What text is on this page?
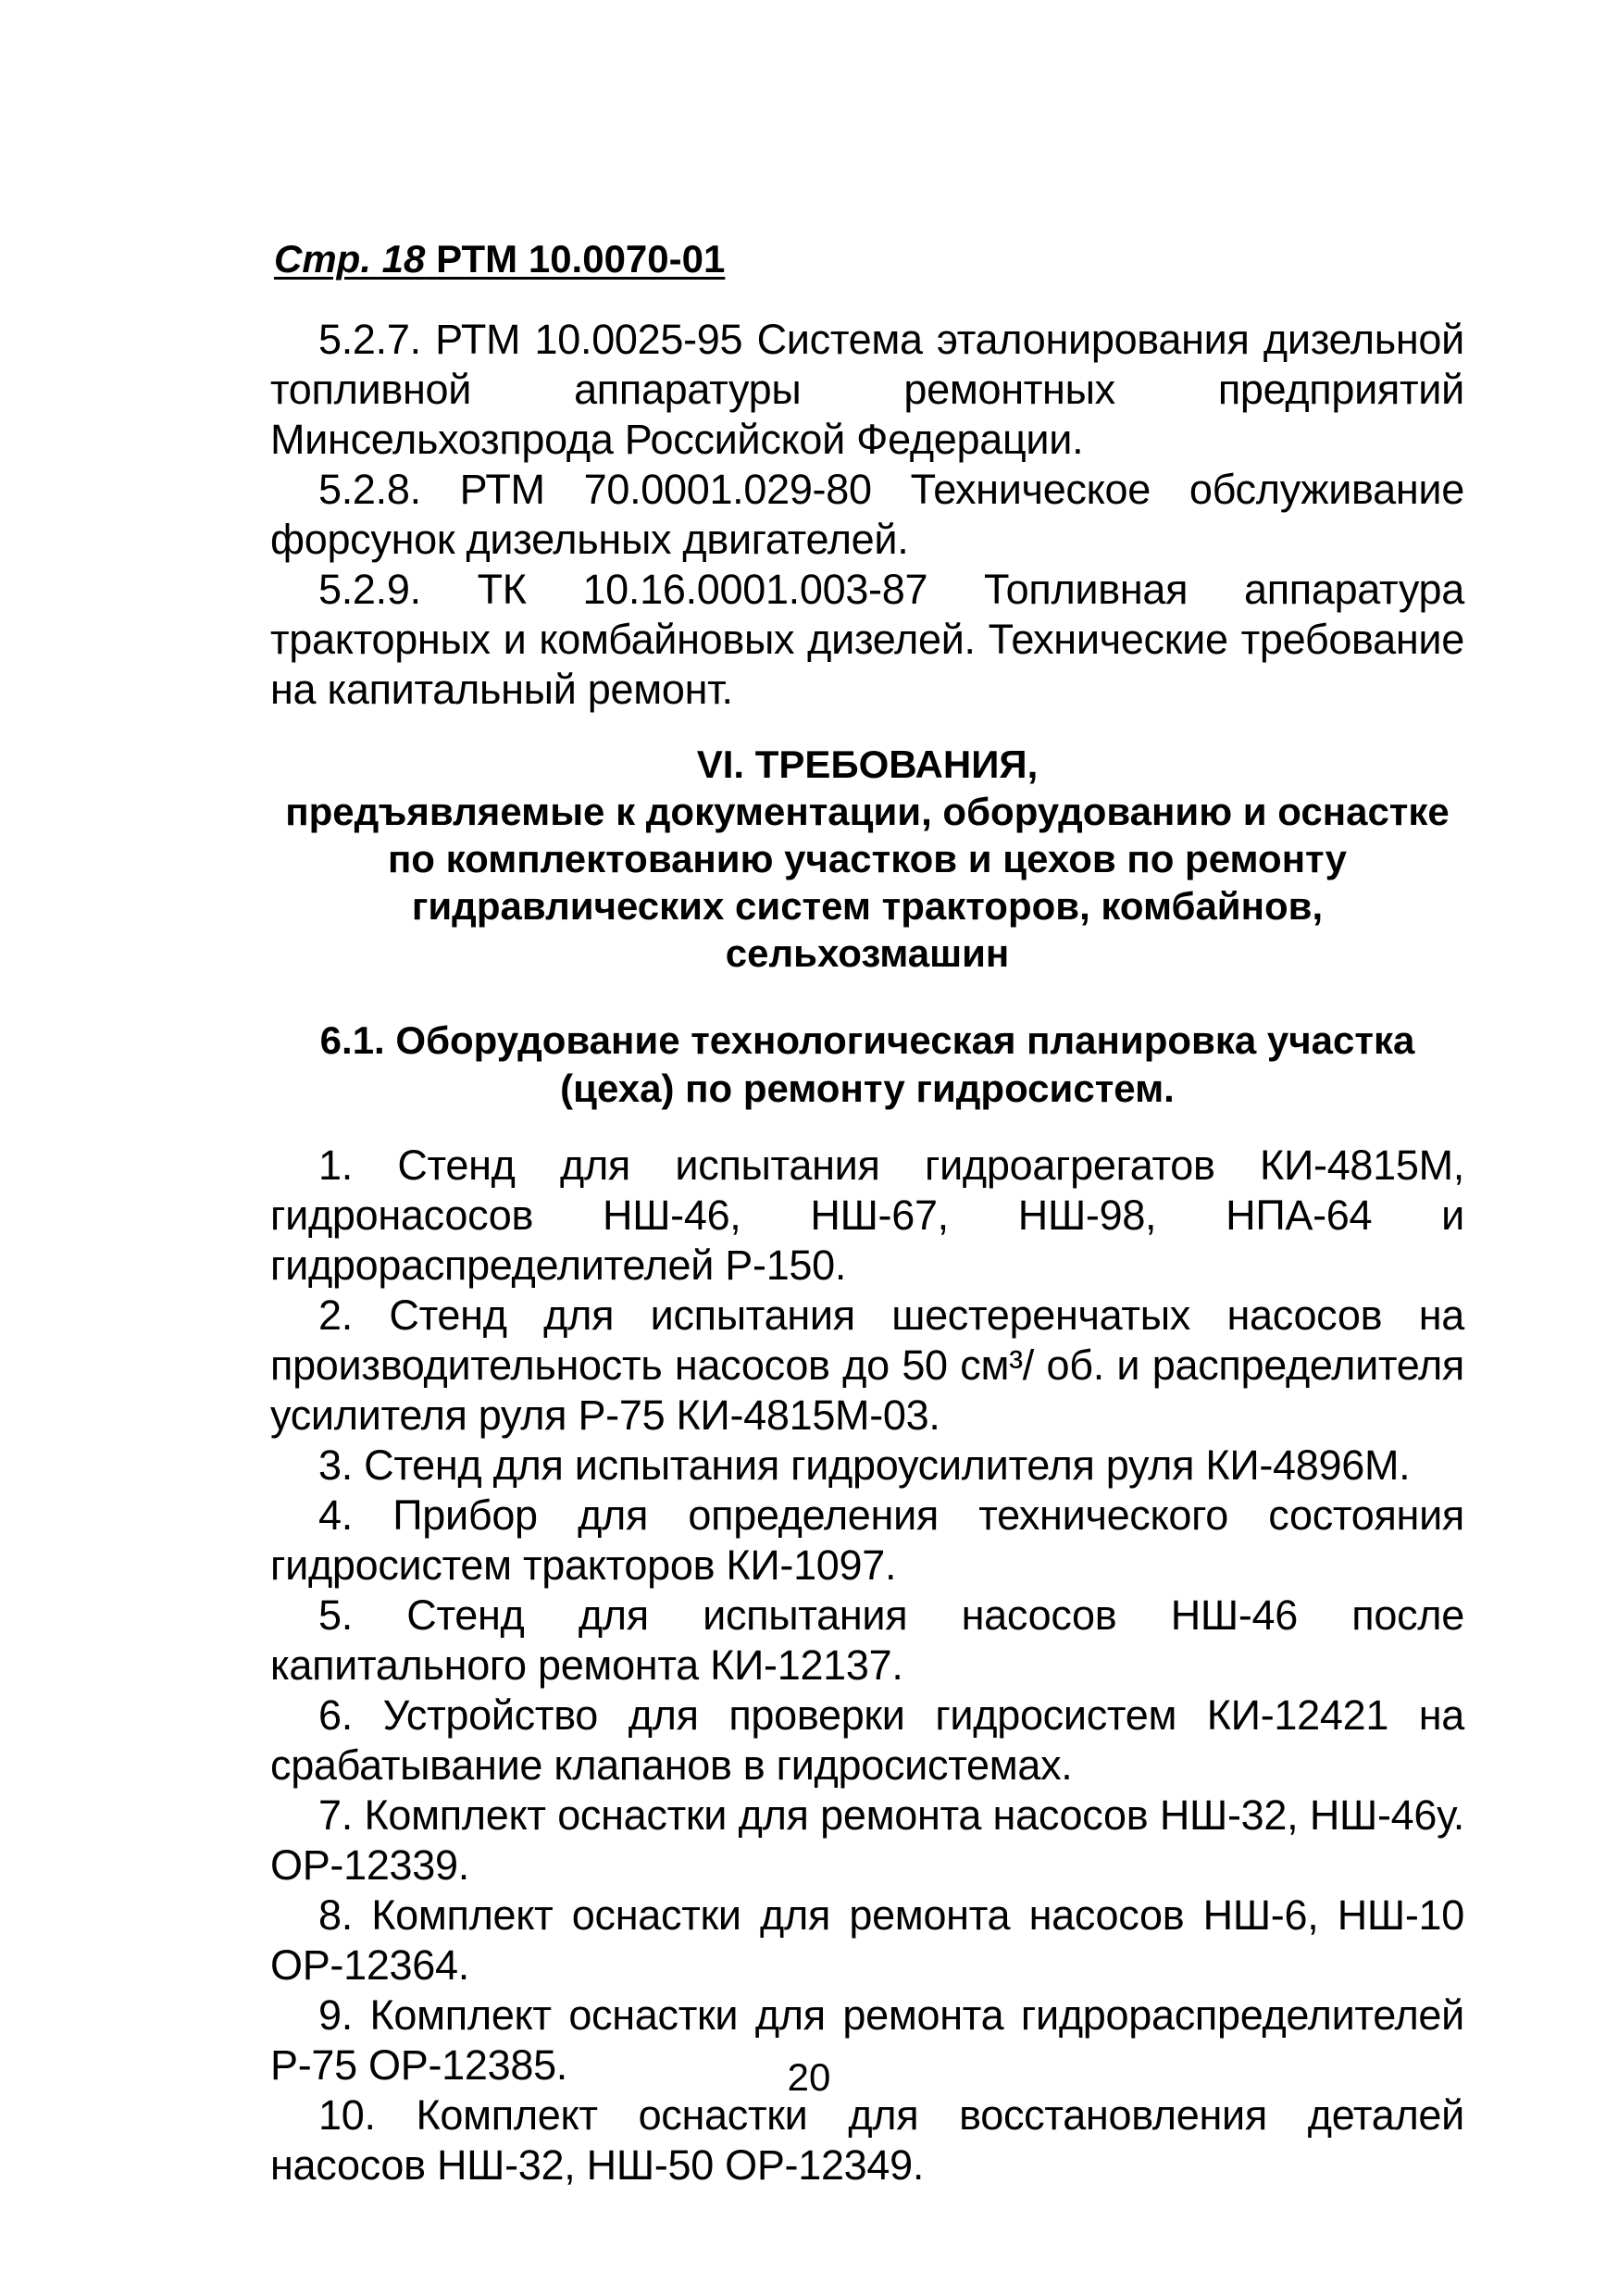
Стр. 18 РТМ 10.0070-01

5.2.7. РТМ 10.0025-95 Система эталонирования дизельной топливной аппаратуры ремонтных предприятий Минсельхозпрода Российской Федерации.

5.2.8. РТМ 70.0001.029-80 Техническое обслуживание форсунок дизельных двигателей.

5.2.9. ТК 10.16.0001.003-87 Топливная аппаратура тракторных и комбайновых дизелей. Технические требование на капитальный ремонт.

VI. ТРЕБОВАНИЯ,
предъявляемые к документации, оборудованию и оснастке
по комплектованию участков и цехов по ремонту
гидравлических систем тракторов, комбайнов,
сельхозмашин
6.1. Оборудование технологическая планировка участка
(цеха) по ремонту гидросистем.

1. Стенд для испытания гидроагрегатов КИ-4815М, гидронасосов НШ-46, НШ-67, НШ-98, НПА-64 и гидрораспределителей Р-150.

2. Стенд для испытания шестеренчатых насосов на производительность насосов до 50 см³/ об. и распределителя усилителя руля Р-75 КИ-4815М-03.

3. Стенд для испытания гидроусилителя руля КИ-4896М.

4. Прибор для определения технического состояния гидросистем тракторов КИ-1097.

5. Стенд для испытания насосов НШ-46 после капитального ремонта КИ-12137.

6. Устройство для проверки гидросистем КИ-12421 на срабатывание клапанов в гидросистемах.

7. Комплект оснастки для ремонта насосов НШ-32, НШ-46у. ОР-12339.

8. Комплект оснастки для ремонта насосов НШ-6, НШ-10 ОР-12364.

9. Комплект оснастки для ремонта гидрораспределителей Р-75 ОР-12385.

10. Комплект оснастки для восстановления деталей насосов НШ-32, НШ-50 ОР-12349.

20
